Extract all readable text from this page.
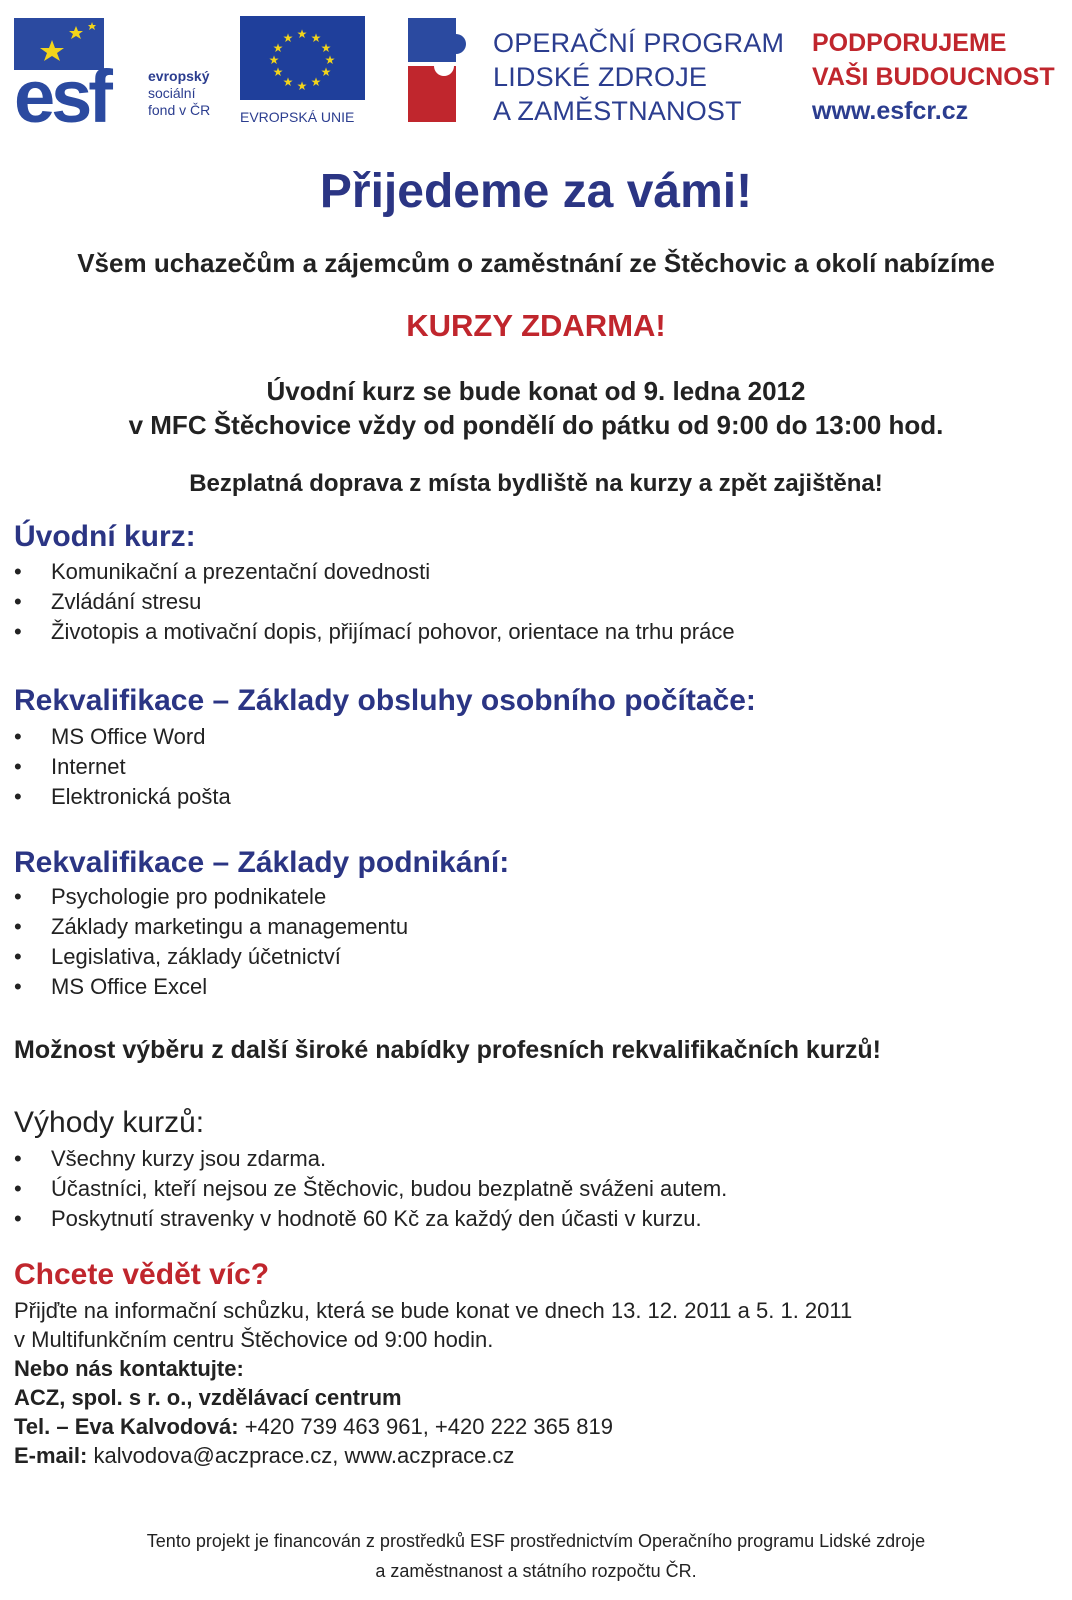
esf	evropský
sociální
fond v ČR
★ ★
★
★
★
★
★
★
★
★
★
★
EVROPSKÁ UNIE
OPERAČNÍ PROGRAM
LIDSKÉ ZDROJE
A ZAMĚSTNANOST
PODPORUJEME
VAŠI BUDOUCNOST
www.esfcr.cz
Přijedeme za vámi!
Všem uchazečům a zájemcům o zaměstnání ze Štěchovic a okolí nabízíme
KURZY ZDARMA!
Úvodní kurz se bude konat od 9. ledna 2012
v MFC Štěchovice vždy od pondělí do pátku od 9:00 do 13:00 hod.
Bezplatná doprava z místa bydliště na kurzy a zpět zajištěna!
Úvodní kurz:
• Komunikační a prezentační dovednosti
• Zvládání stresu
• Životopis a motivační dopis, přijímací pohovor, orientace na trhu práce
Rekvalifikace – Základy obsluhy osobního počítače:
• MS Office Word
• Internet
• Elektronická pošta
Rekvalifikace – Základy podnikání:
• Psychologie pro podnikatele
• Základy marketingu a managementu
• Legislativa, základy účetnictví
• MS Office Excel
Možnost výběru z další široké nabídky profesních rekvalifikačních kurzů!
Výhody kurzů:
• Všechny kurzy jsou zdarma.
• Účastníci, kteří nejsou ze Štěchovic, budou bezplatně sváženi autem.
• Poskytnutí stravenky v hodnotě 60 Kč za každý den účasti v kurzu.
Chcete vědět víc?
Přijďte na informační schůzku, která se bude konat ve dnech 13. 12. 2011 a 5. 1. 2011
v Multifunkčním centru Štěchovice od 9:00 hodin.
Nebo nás kontaktujte:
ACZ, spol. s r. o., vzdělávací centrum
Tel. – Eva Kalvodová: +420 739 463 961, +420 222 365 819
E-mail: kalvodova@aczprace.cz, www.aczprace.cz
Tento projekt je financován z prostředků ESF prostřednictvím Operačního programu Lidské zdroje
a zaměstnanost a státního rozpočtu ČR.
